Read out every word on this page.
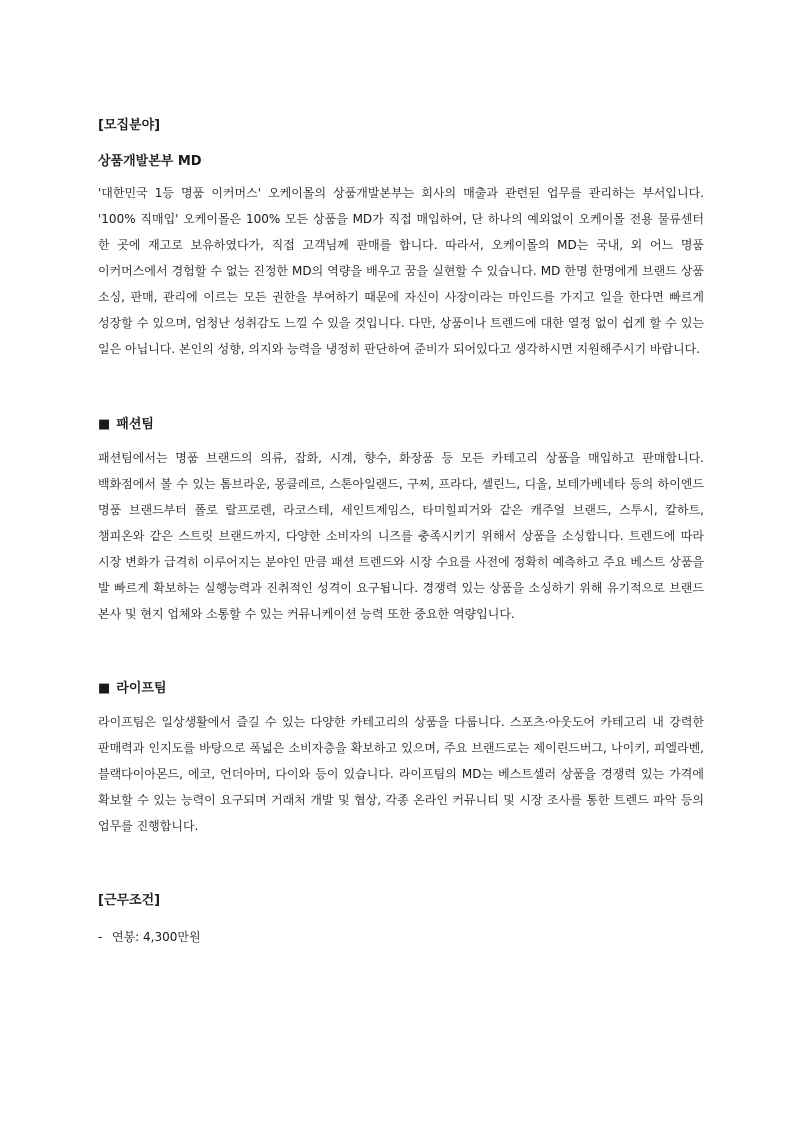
[모집분야]

상품개발본부 MD

'대한민국 1등 명품 이커머스' 오케이몰의 상품개발본부는 회사의 매출과 관련된 업무를 관리하는 부서입니다. '100% 직매입' 오케이몰은 100% 모든 상품을 MD가 직접 매입하여, 단 하나의 예외없이 오케이몰 전용 물류센터 한 곳에 재고로 보유하였다가, 직접 고객님께 판매를 합니다. 따라서, 오케이몰의 MD는 국내, 외 어느 명품 이커머스에서 경험할 수 없는 진정한 MD의 역량을 배우고 꿈을 실현할 수 있습니다. MD 한명 한명에게 브랜드 상품 소싱, 판매, 관리에 이르는 모든 권한을 부여하기 때문에 자신이 사장이라는 마인드를 가지고 일을 한다면 빠르게 성장할 수 있으며, 엄청난 성취감도 느낄 수 있을 것입니다. 다만, 상품이나 트렌드에 대한 열정 없이 쉽게 할 수 있는 일은 아닙니다. 본인의 성향, 의지와 능력을 냉정히 판단하여 준비가 되어있다고 생각하시면 지원해주시기 바랍니다.

■ 패션팀

패션팀에서는 명품 브랜드의 의류, 잡화, 시계, 향수, 화장품 등 모든 카테고리 상품을 매입하고 판매합니다. 백화점에서 볼 수 있는 톰브라운, 몽클레르, 스톤아일랜드, 구찌, 프라다, 셀린느, 디올, 보테가베네타 등의 하이엔드 명품 브랜드부터 폴로 랄프로렌, 라코스테, 세인트제임스, 타미힐피거와 같은 캐주얼 브랜드, 스투시, 칼하트, 챔피온와 같은 스트릿 브랜드까지, 다양한 소비자의 니즈를 충족시키기 위해서 상품을 소싱합니다. 트렌드에 따라 시장 변화가 급격히 이루어지는 분야인 만큼 패션 트렌드와 시장 수요를 사전에 정확히 예측하고 주요 베스트 상품을 발 빠르게 확보하는 실행능력과 진취적인 성격이 요구됩니다. 경쟁력 있는 상품을 소싱하기 위해 유기적으로 브랜드 본사 및 현지 업체와 소통할 수 있는 커뮤니케이션 능력 또한 중요한 역량입니다.

■ 라이프팀

라이프팀은 일상생활에서 즐길 수 있는 다양한 카테고리의 상품을 다룹니다. 스포츠·아웃도어 카테고리 내 강력한 판매력과 인지도를 바탕으로 폭넓은 소비자층을 확보하고 있으며, 주요 브랜드로는 제이린드버그, 나이키, 피엘라벤, 블랙다이아몬드, 에코, 언더아머, 다이와 등이 있습니다. 라이프팀의 MD는 베스트셀러 상품을 경쟁력 있는 가격에 확보할 수 있는 능력이 요구되며 거래처 개발 및 협상, 각종 온라인 커뮤니티 및 시장 조사를 통한 트렌드 파악 등의 업무를 진행합니다.

[근무조건]

- 연봉: 4,300만원
